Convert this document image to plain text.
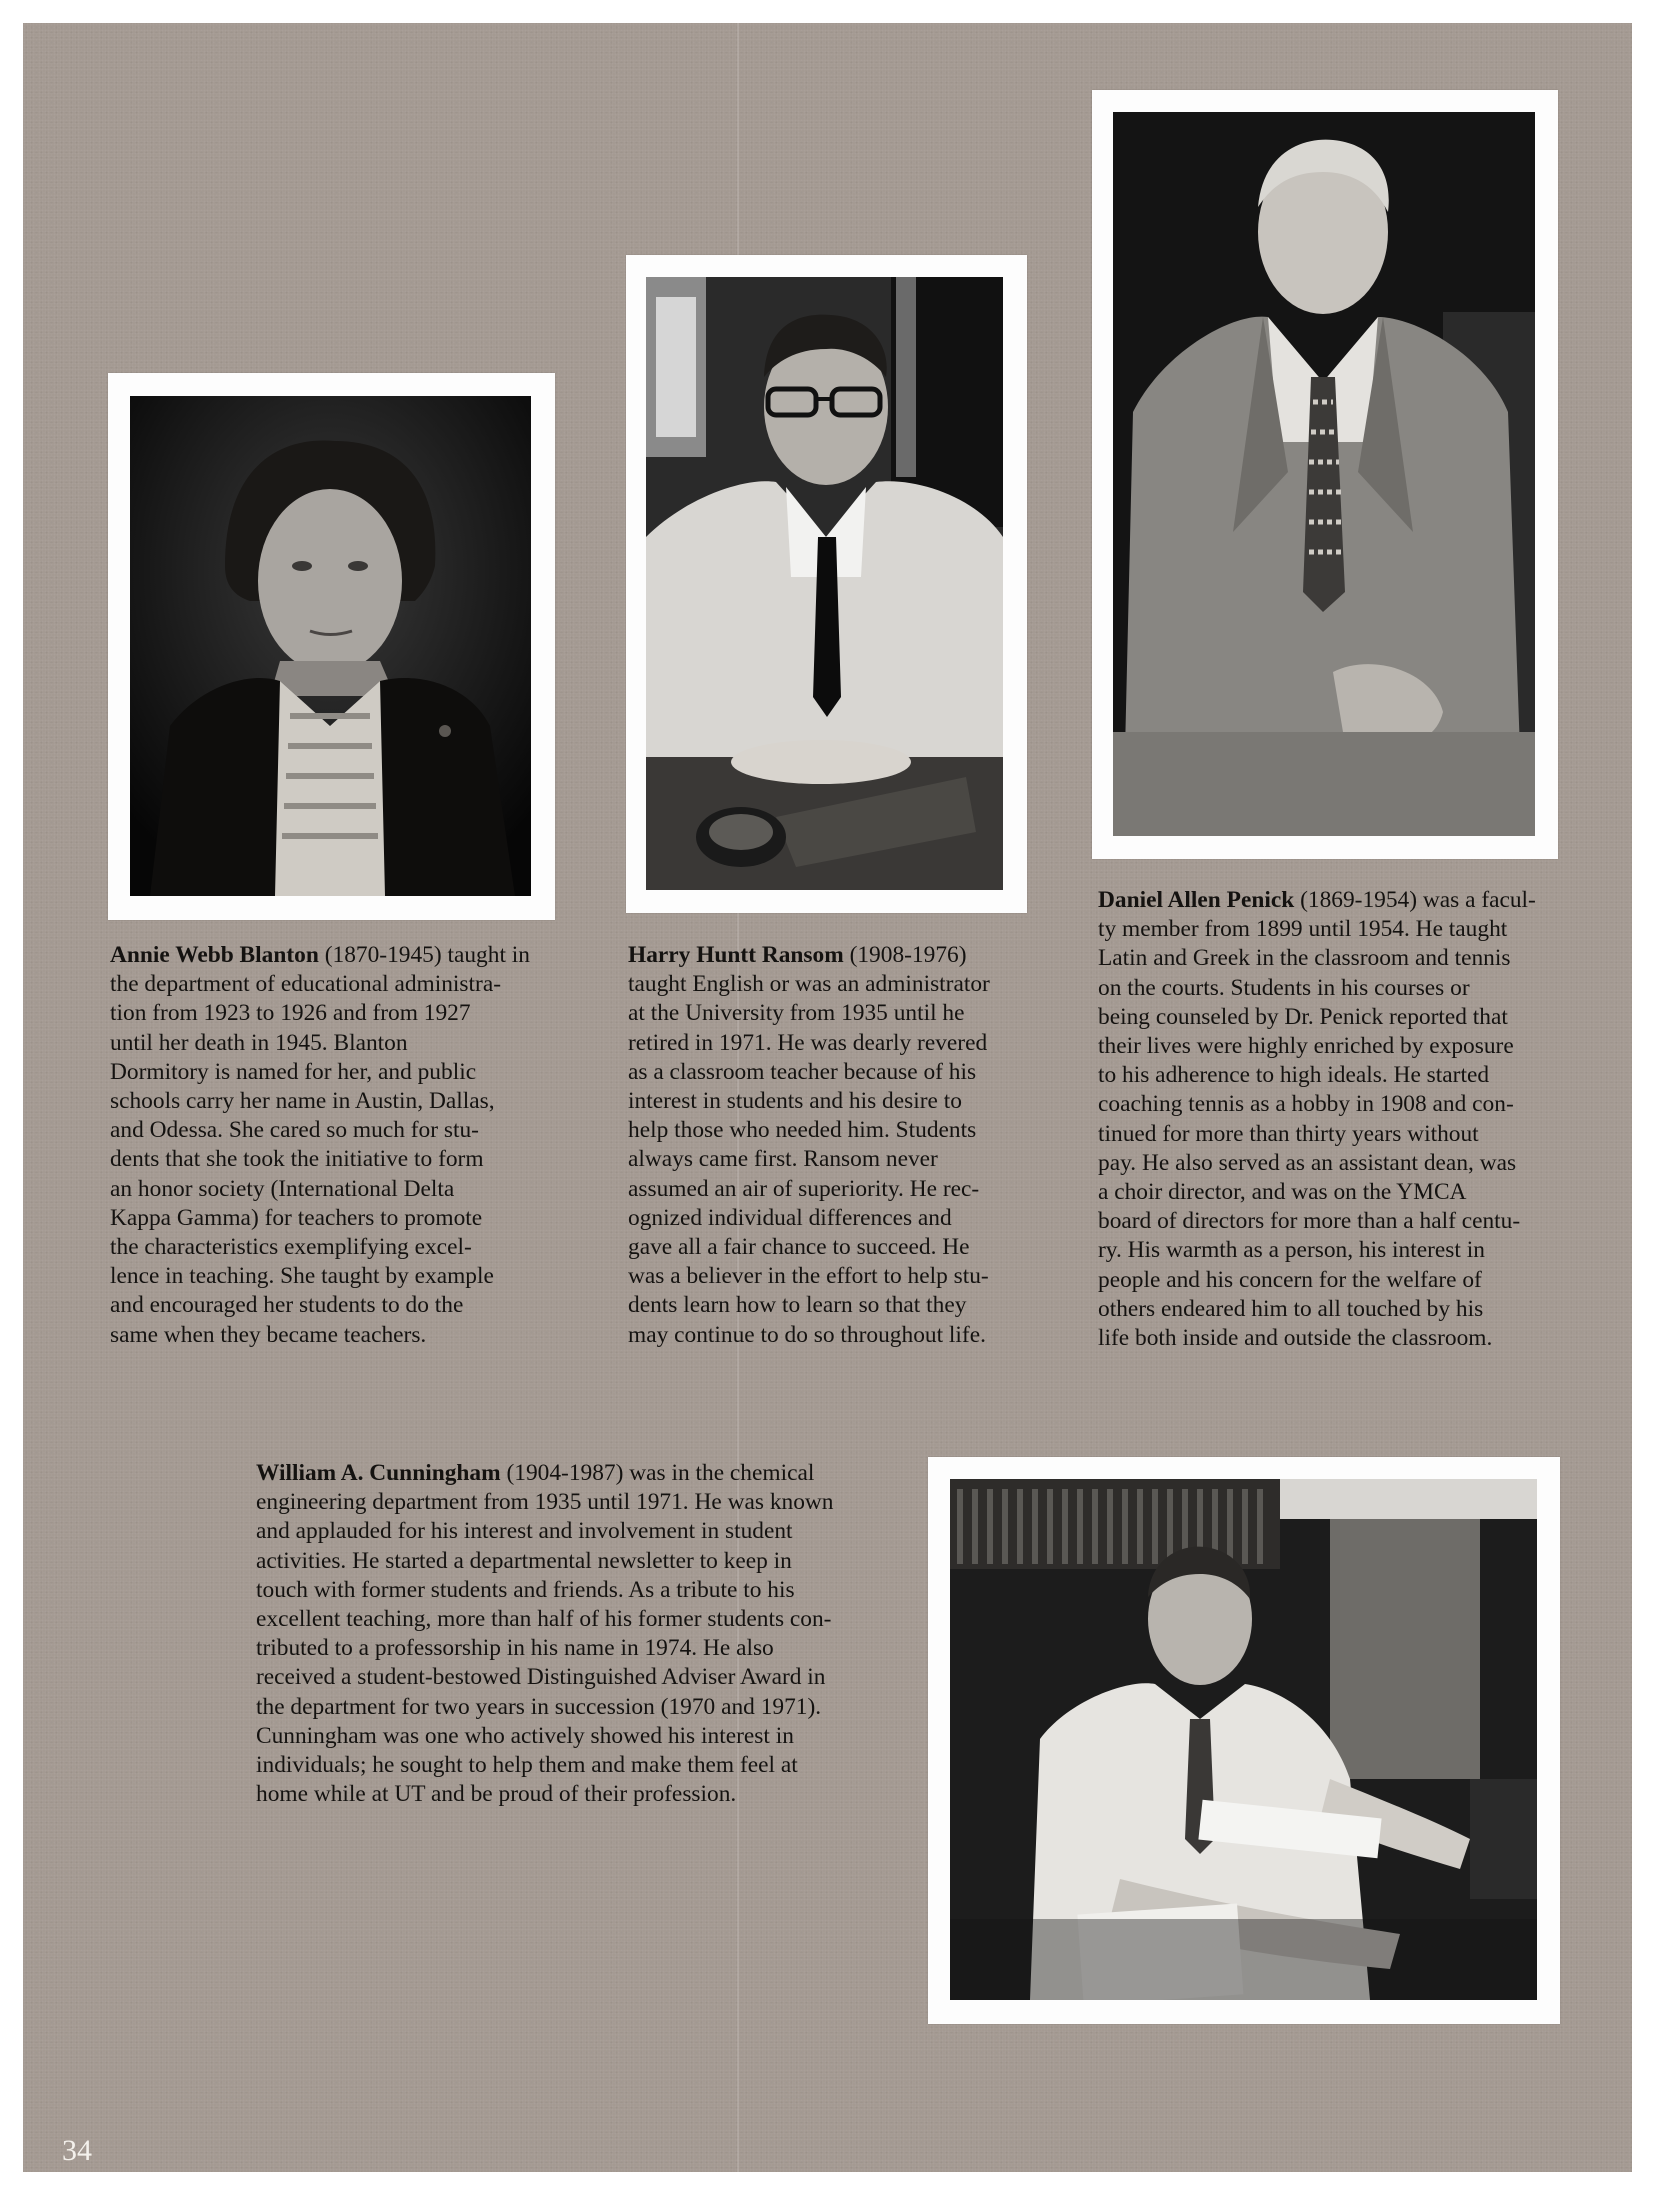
Annie Webb Blanton (1870-1945) taught in
the department of educational administra-
tion from 1923 to 1926 and from 1927
until her death in 1945. Blanton
Dormitory is named for her, and public
schools carry her name in Austin, Dallas,
and Odessa. She cared so much for stu-
dents that she took the initiative to form
an honor society (International Delta
Kappa Gamma) for teachers to promote
the characteristics exemplifying excel-
lence in teaching. She taught by example
and encouraged her students to do the
same when they became teachers.

Harry Huntt Ransom (1908-1976)
taught English or was an administrator
at the University from 1935 until he
retired in 1971. He was dearly revered
as a classroom teacher because of his
interest in students and his desire to
help those who needed him. Students
always came first. Ransom never
assumed an air of superiority. He rec-
ognized individual differences and
gave all a fair chance to succeed. He
was a believer in the effort to help stu-
dents learn how to learn so that they
may continue to do so throughout life.

Daniel Allen Penick (1869-1954) was a facul-
ty member from 1899 until 1954. He taught
Latin and Greek in the classroom and tennis
on the courts. Students in his courses or
being counseled by Dr. Penick reported that
their lives were highly enriched by exposure
to his adherence to high ideals. He started
coaching tennis as a hobby in 1908 and con-
tinued for more than thirty years without
pay. He also served as an assistant dean, was
a choir director, and was on the YMCA
board of directors for more than a half centu-
ry. His warmth as a person, his interest in
people and his concern for the welfare of
others endeared him to all touched by his
life both inside and outside the classroom.

William A. Cunningham (1904-1987) was in the chemical
engineering department from 1935 until 1971. He was known
and applauded for his interest and involvement in student
activities. He started a departmental newsletter to keep in
touch with former students and friends. As a tribute to his
excellent teaching, more than half of his former students con-
tributed to a professorship in his name in 1974. He also
received a student-bestowed Distinguished Adviser Award in
the department for two years in succession (1970 and 1971).
Cunningham was one who actively showed his interest in
individuals; he sought to help them and make them feel at
home while at UT and be proud of their profession.

34
